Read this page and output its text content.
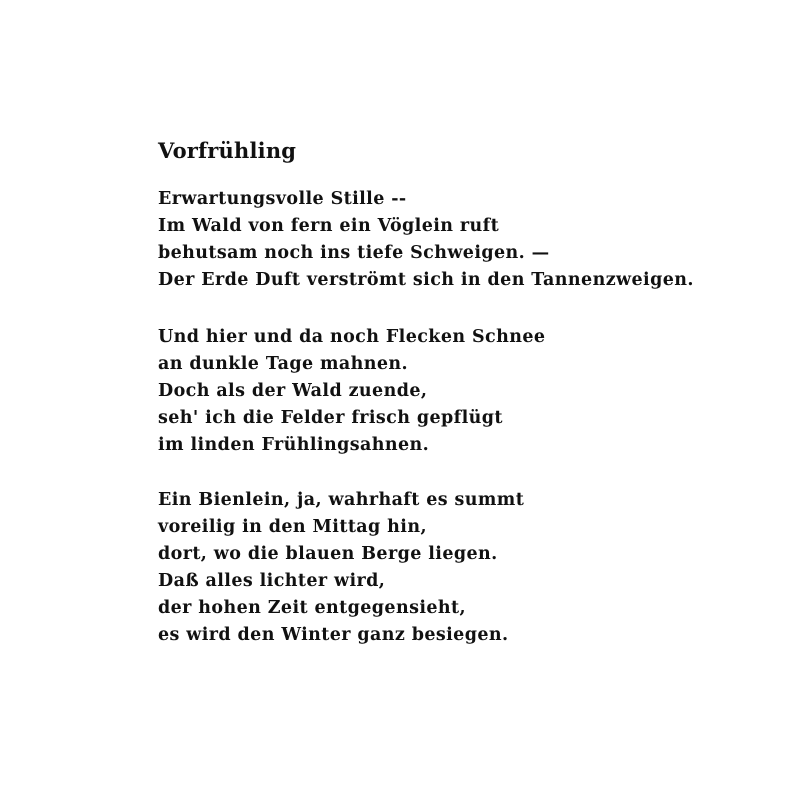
Vorfrühling
Erwartungsvolle Stille --
Im Wald von fern ein Vöglein ruft
behutsam noch ins tiefe Schweigen. —
Der Erde Duft verströmt sich in den Tannenzweigen.
Und hier und da noch Flecken Schnee
an dunkle Tage mahnen.
Doch als der Wald zuende,
seh' ich die Felder frisch gepflügt
im linden Frühlingsahnen.
Ein Bienlein, ja, wahrhaft es summt
voreilig in den Mittag hin,
dort, wo die blauen Berge liegen.
Daß alles lichter wird,
der hohen Zeit entgegensieht,
es wird den Winter ganz besiegen.
